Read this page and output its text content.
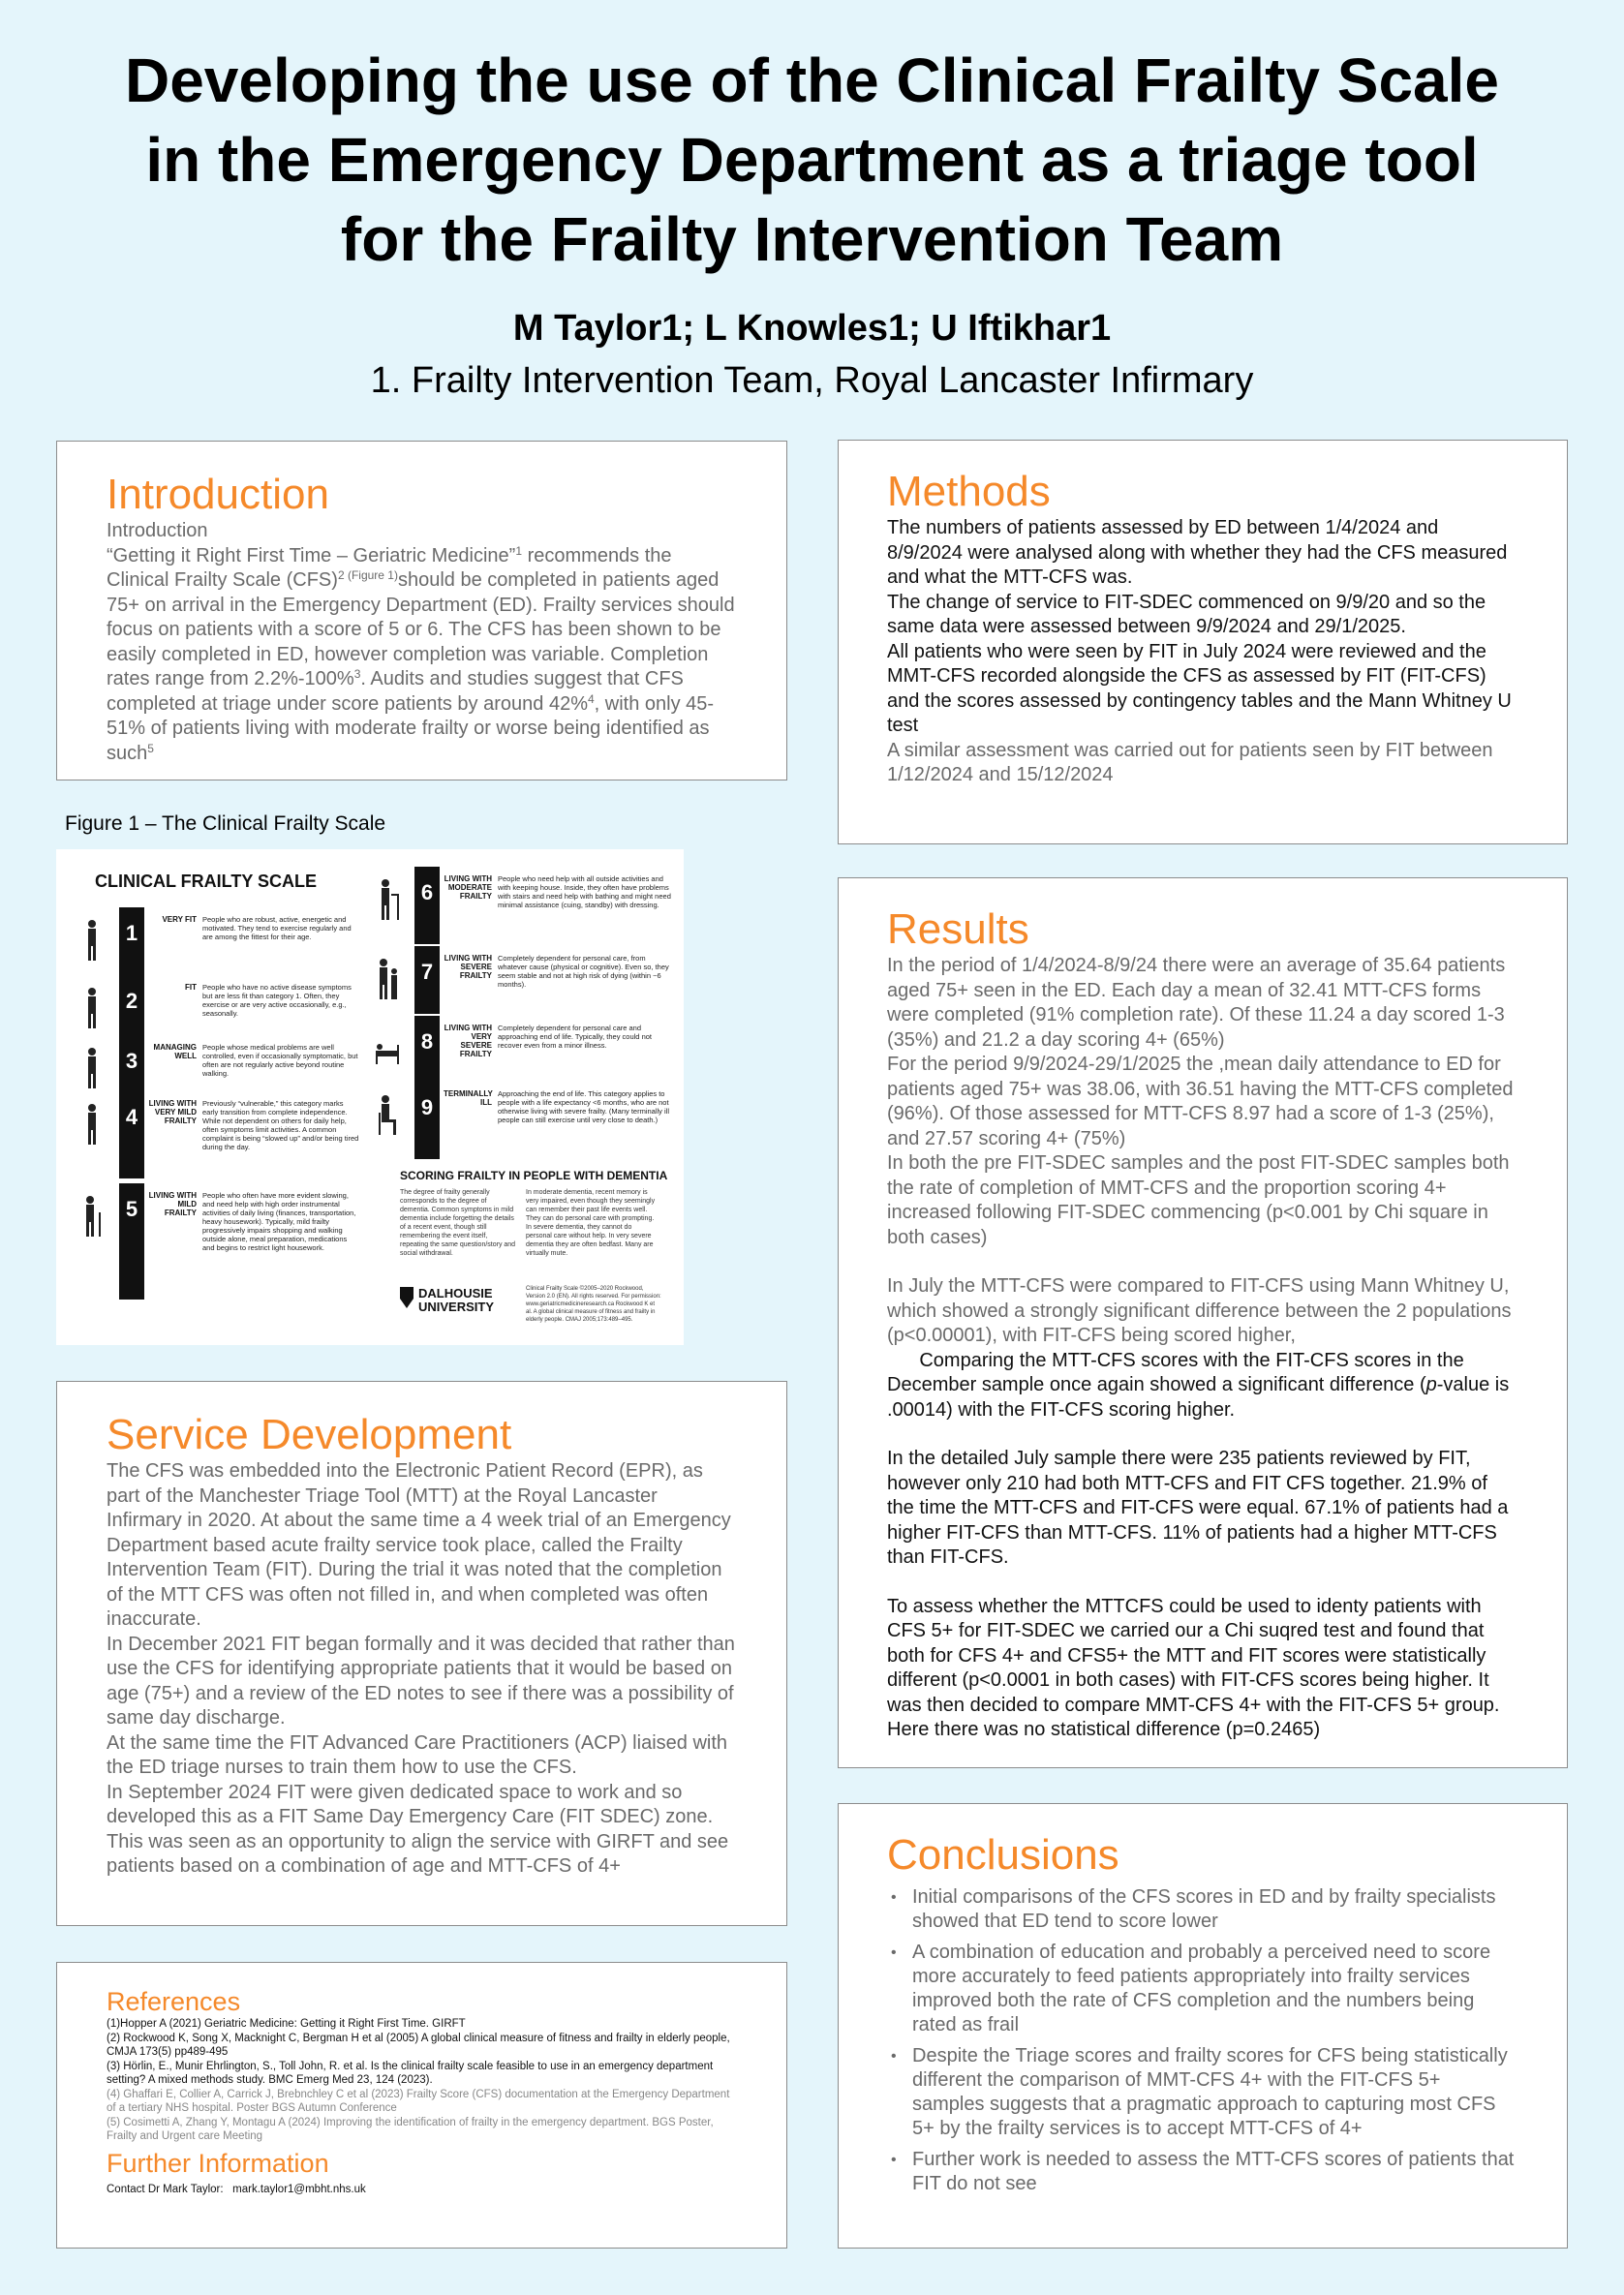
Developing the use of the Clinical Frailty Scale
in the Emergency Department as a triage tool
for the Frailty Intervention Team
M Taylor1; L Knowles1; U Iftikhar1
1. Frailty Intervention Team, Royal Lancaster Infirmary
Introduction
Introduction
“Getting it Right First Time – Geriatric Medicine”$^1$ recommends the Clinical Frailty Scale (CFS)$^{2 (Figure 1)}$should be completed in patients aged 75+ on arrival in the Emergency Department (ED). Frailty services should focus on patients with a score of 5 or 6. The CFS has been shown to be easily completed in ED, however completion was variable. Completion rates range from 2.2%-100%$^3$. Audits and studies suggest that CFS completed at triage under score patients by around 42%$^4$, with only 45-51% of patients living with moderate frailty or worse being identified as such$^5$
Figure 1 – The Clinical Frailty Scale
CLINICAL FRAILTY SCALE
1
VERY FIT People who are robust, active, energetic and motivated. They tend to exercise regularly and are among the fittest for their age.
2
FIT People who have no active disease symptoms but are less fit than category 1. Often, they exercise or are very active occasionally, e.g., seasonally.
3
MANAGING WELL
People whose medical problems are well controlled, even if occasionally symptomatic, but often are not regularly active beyond routine walking.
4
LIVING WITH VERY MILD FRAILTY
Previously “vulnerable,” this category marks early transition from complete independence. While not dependent on others for daily help, often symptoms limit activities. A common complaint is being “slowed up” and/or being tired during the day.
5
LIVING WITH MILD FRAILTY
People who often have more evident slowing, and need help with high order instrumental activities of daily living (finances, transportation, heavy housework). Typically, mild frailty progressively impairs shopping and walking outside alone, meal preparation, medications and begins to restrict light housework.
6
LIVING WITH MODERATE FRAILTY
People who need help with all outside activities and with keeping house. Inside, they often have problems with stairs and need help with bathing and might need minimal assistance (cuing, standby) with dressing.
7
LIVING WITH SEVERE FRAILTY
Completely dependent for personal care, from whatever cause (physical or cognitive). Even so, they seem stable and not at high risk of dying (within ~6 months).
8
LIVING WITH VERY SEVERE FRAILTY
Completely dependent for personal care and approaching end of life. Typically, they could not recover even from a minor illness.
9
TERMINALLY ILL
Approaching the end of life. This category applies to people with a life expectancy <6 months, who are not otherwise living with severe frailty. (Many terminally ill people can still exercise until very close to death.)
SCORING FRAILTY IN PEOPLE WITH DEMENTIA
The degree of frailty generally corresponds to the degree of dementia. Common symptoms in mild dementia include forgetting the details of a recent event, though still remembering the event itself, repeating the same question/story and social withdrawal.
In moderate dementia, recent memory is very impaired, even though they seemingly can remember their past life events well. They can do personal care with prompting. In severe dementia, they cannot do personal care without help. In very severe dementia they are often bedfast. Many are virtually mute.
DALHOUSIE UNIVERSITY
Clinical Frailty Scale ©2005–2020 Rockwood, Version 2.0 (EN). All rights reserved. For permission: www.geriatricmedicineresearch.ca Rockwood K et al. A global clinical measure of fitness and frailty in elderly people. CMAJ 2005;173:489–495.
Service Development
The CFS was embedded into the Electronic Patient Record (EPR), as part of the Manchester Triage Tool (MTT) at the Royal Lancaster Infirmary in 2020. At about the same time a 4 week trial of an Emergency Department based acute frailty service took place, called the Frailty Intervention Team (FIT). During the trial it was noted that the completion of the MTT CFS was often not filled in, and when completed was often inaccurate.
In December 2021 FIT began formally and it was decided that rather than use the CFS for identifying appropriate patients that it would be based on age (75+) and a review of the ED notes to see if there was a possibility of same day discharge.
At the same time the FIT Advanced Care Practitioners (ACP) liaised with the ED triage nurses to train them how to use the CFS.
In September 2024 FIT were given dedicated space to work and so developed this as a FIT Same Day Emergency Care (FIT SDEC) zone. This was seen as an opportunity to align the service with GIRFT and see patients based on a combination of age and MTT-CFS of 4+
References
(1)Hopper A (2021) Geriatric Medicine: Getting it Right First Time. GIRFT
(2) Rockwood K, Song X, Macknight C, Bergman H et al (2005) A global clinical measure of fitness and frailty in elderly people, CMJA 173(5) pp489-495
(3) Hörlin, E., Munir Ehrlington, S., Toll John, R. et al. Is the clinical frailty scale feasible to use in an emergency department setting? A mixed methods study. BMC Emerg Med 23, 124 (2023).
(4) Ghaffari E, Collier A, Carrick J, Brebnchley C et al (2023) Frailty Score (CFS) documentation at the Emergency Department of a tertiary NHS hospital. Poster BGS Autumn Conference
(5) Cosimetti A, Zhang Y, Montagu A (2024) Improving the identification of frailty in the emergency department. BGS Poster, Frailty and Urgent care Meeting
Further Information
Contact Dr Mark Taylor:   mark.taylor1@mbht.nhs.uk
Methods
The numbers of patients assessed by ED between 1/4/2024 and 8/9/2024 were analysed along with whether they had the CFS measured and what the MTT-CFS was.
The change of service to FIT-SDEC commenced on 9/9/20 and so the same data were assessed between 9/9/2024 and 29/1/2025.
All patients who were seen by FIT in July 2024 were reviewed and the MMT-CFS recorded alongside the CFS as assessed by FIT (FIT-CFS) and the scores assessed by contingency tables and the Mann Whitney U test
A similar assessment was carried out for patients seen by FIT between 1/12/2024 and 15/12/2024
Results
In the period of 1/4/2024-8/9/24 there were an average of 35.64 patients aged 75+ seen in the ED. Each day a mean of 32.41 MTT-CFS forms were completed (91% completion rate). Of these 11.24 a day scored 1-3 (35%) and 21.2 a day scoring 4+ (65%)
For the period 9/9/2024-29/1/2025 the ,mean daily attendance to ED for patients aged 75+ was 38.06, with 36.51 having the MTT-CFS completed (96%). Of those assessed for MTT-CFS 8.97 had a score of 1-3 (25%), and 27.57 scoring 4+ (75%)
In both the pre FIT-SDEC samples and the post FIT-SDEC samples both the rate of completion of MMT-CFS and the proportion scoring 4+ increased following FIT-SDEC commencing (p<0.001 by Chi square in both cases)
In July the MTT-CFS were compared to FIT-CFS using Mann Whitney U, which showed a strongly significant difference between the 2 populations (p<0.00001), with FIT-CFS being scored higher,
Comparing the MTT-CFS scores with the FIT-CFS scores in the December sample once again showed a significant difference (p-value is .00014) with the FIT-CFS scoring higher.
In the detailed July sample there were 235 patients reviewed by FIT, however only 210 had both MTT-CFS and FIT CFS together. 21.9% of the time the MTT-CFS and FIT-CFS were equal. 67.1% of patients had a higher FIT-CFS than MTT-CFS. 11% of patients had a higher MTT-CFS than FIT-CFS.
To assess whether the MTTCFS could be used to identy patients with CFS 5+ for FIT-SDEC we carried our a Chi suqred test and found that both for CFS 4+ and CFS5+ the MTT and FIT scores were statistically different (p<0.0001 in both cases) with FIT-CFS scores being higher. It was then decided to compare MMT-CFS 4+ with the FIT-CFS 5+ group. Here there was no statistical difference (p=0.2465)
Conclusions
• Initial comparisons of the CFS scores in ED and by frailty specialists showed that ED tend to score lower
• A combination of education and probably a perceived need to score more accurately to feed patients appropriately into frailty services improved both the rate of CFS completion and the numbers being rated as frail
• Despite the Triage scores and frailty scores for CFS being statistically different the comparison of MMT-CFS 4+ with the FIT-CFS 5+ samples suggests that a pragmatic approach to capturing most CFS 5+ by the frailty services is to accept MTT-CFS of 4+
• Further work is needed to assess the MTT-CFS scores of patients that FIT do not see
